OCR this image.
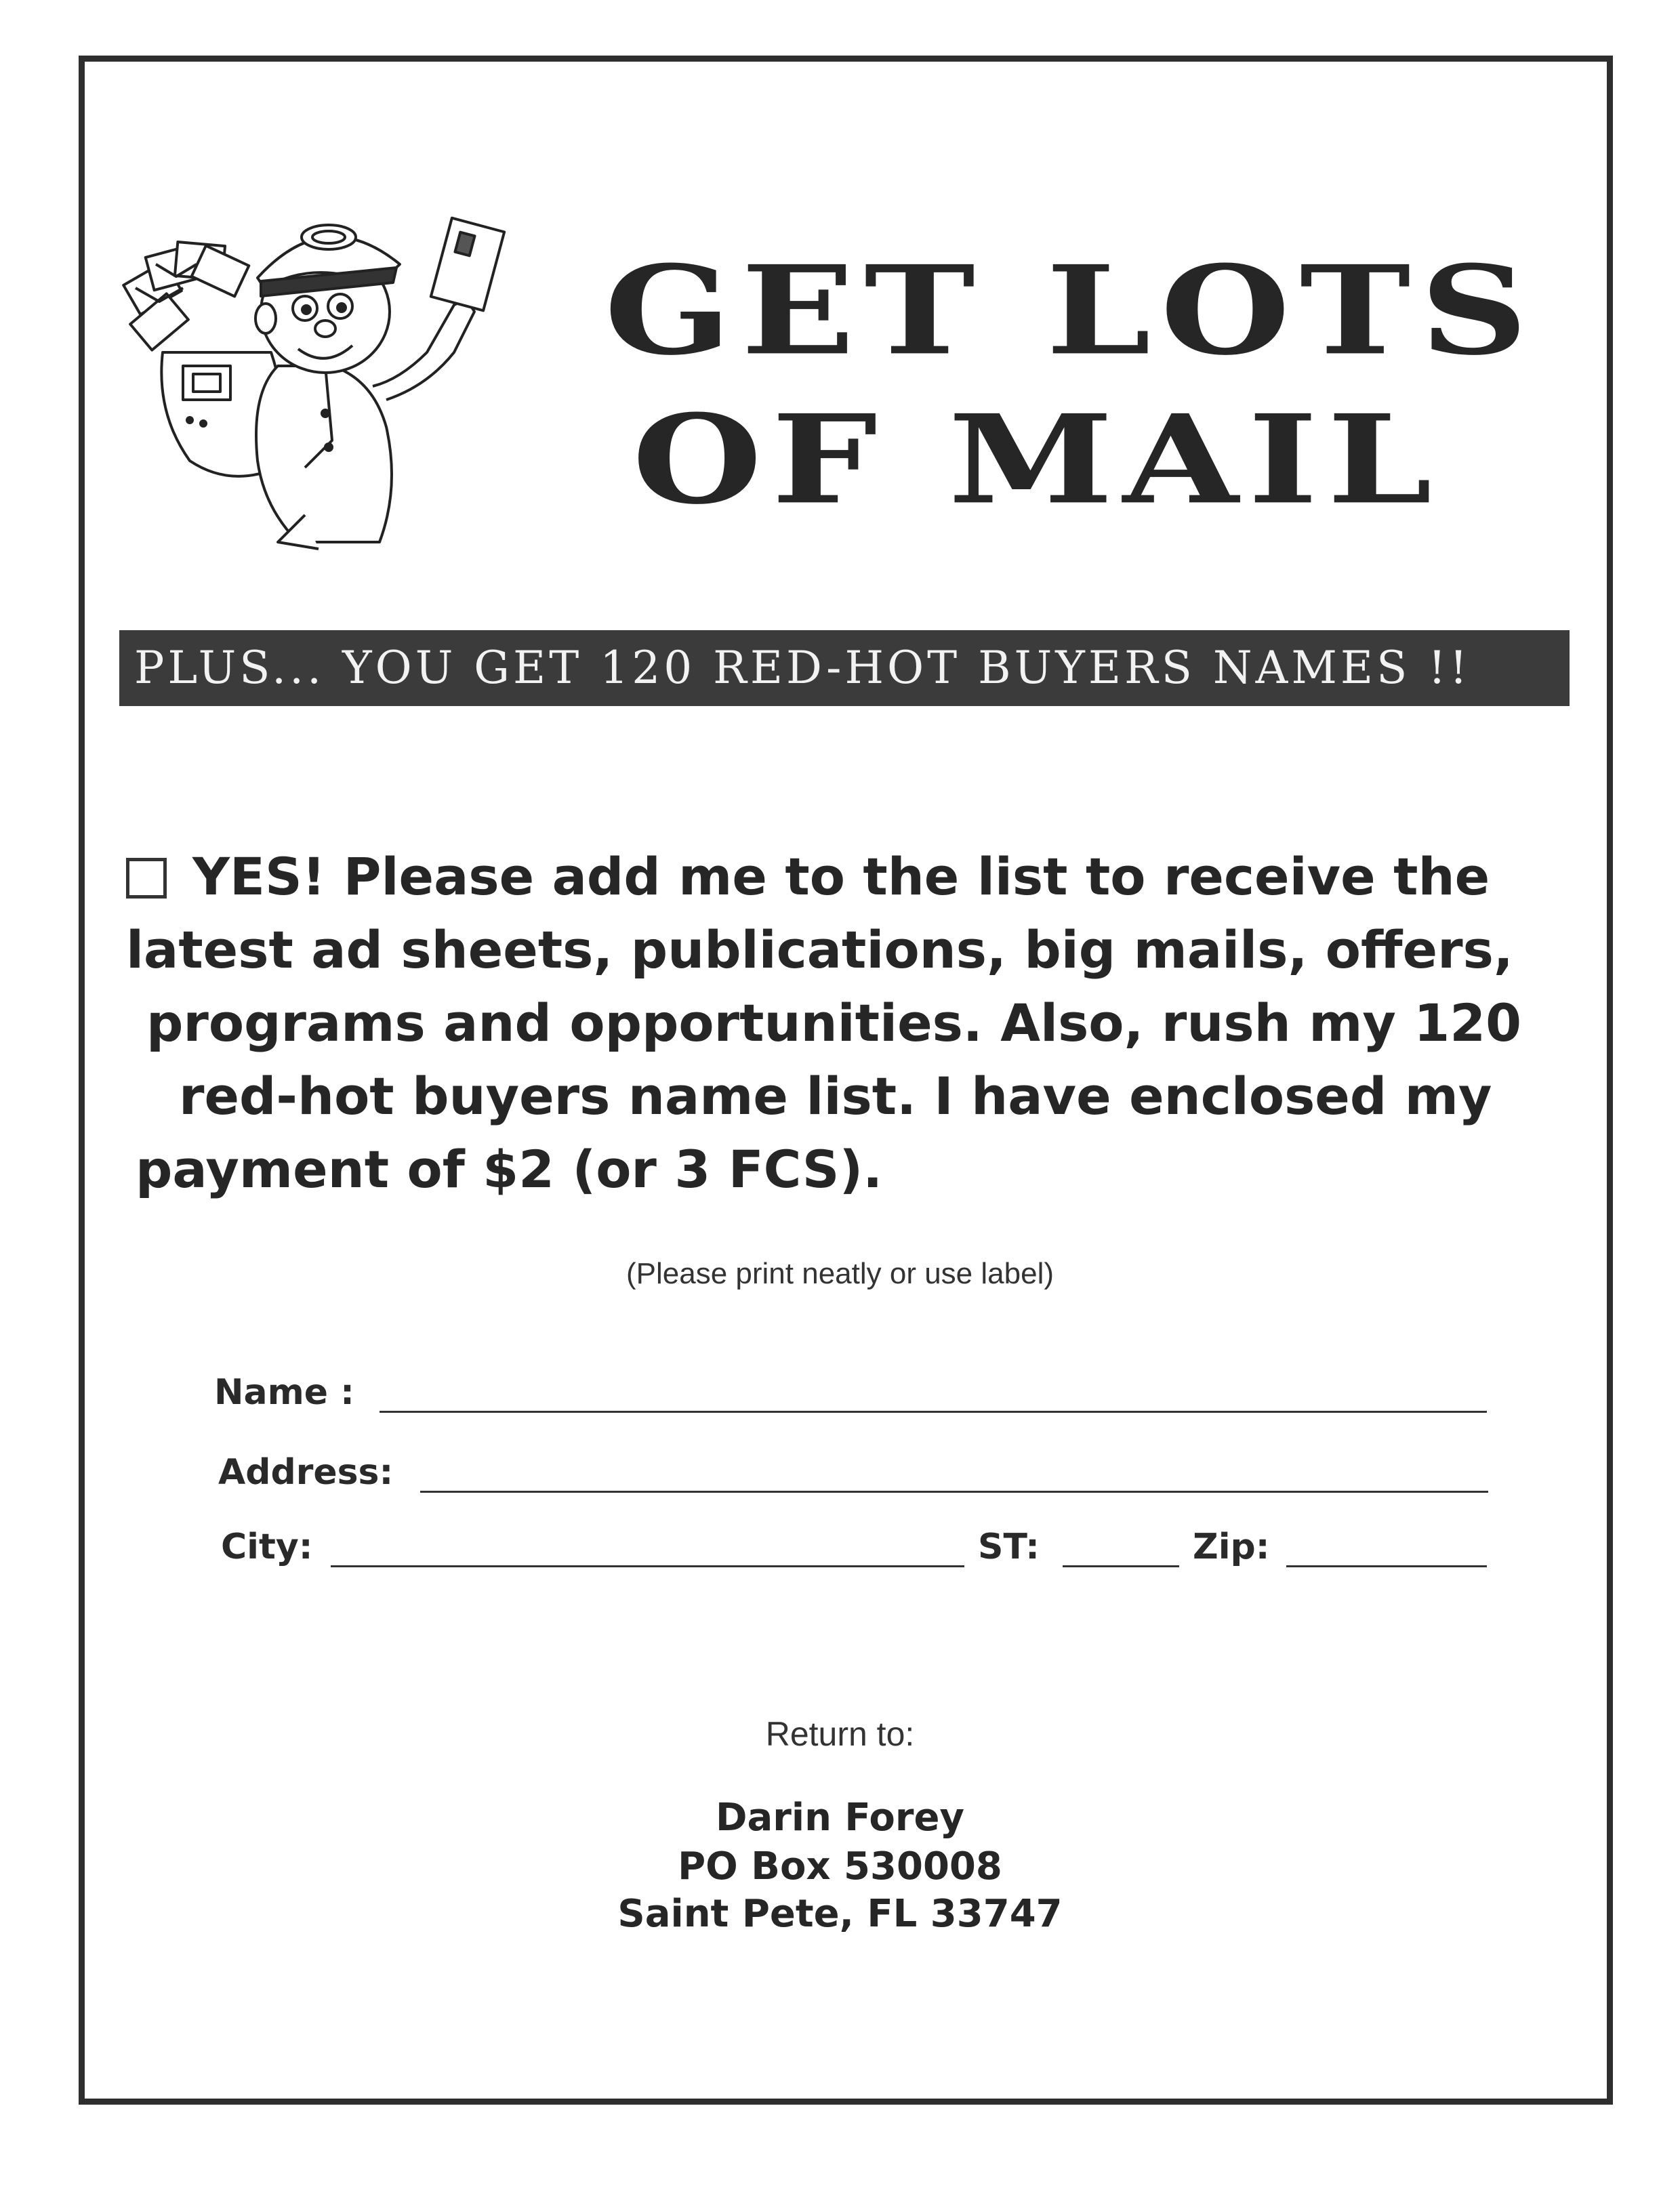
GET LOTS
OF MAIL
PLUS... YOU GET 120 RED-HOT BUYERS NAMES !!
YES! Please add me to the list to receive the
latest ad sheets, publications, big mails, offers,
programs and opportunities. Also, rush my 120
red-hot buyers name list. I have enclosed my
payment of $2 (or 3 FCS).
(Please print neatly or use label)
Name :
Address:
City:	ST:	Zip:
Return to:
Darin Forey
PO Box 530008
Saint Pete, FL 33747
